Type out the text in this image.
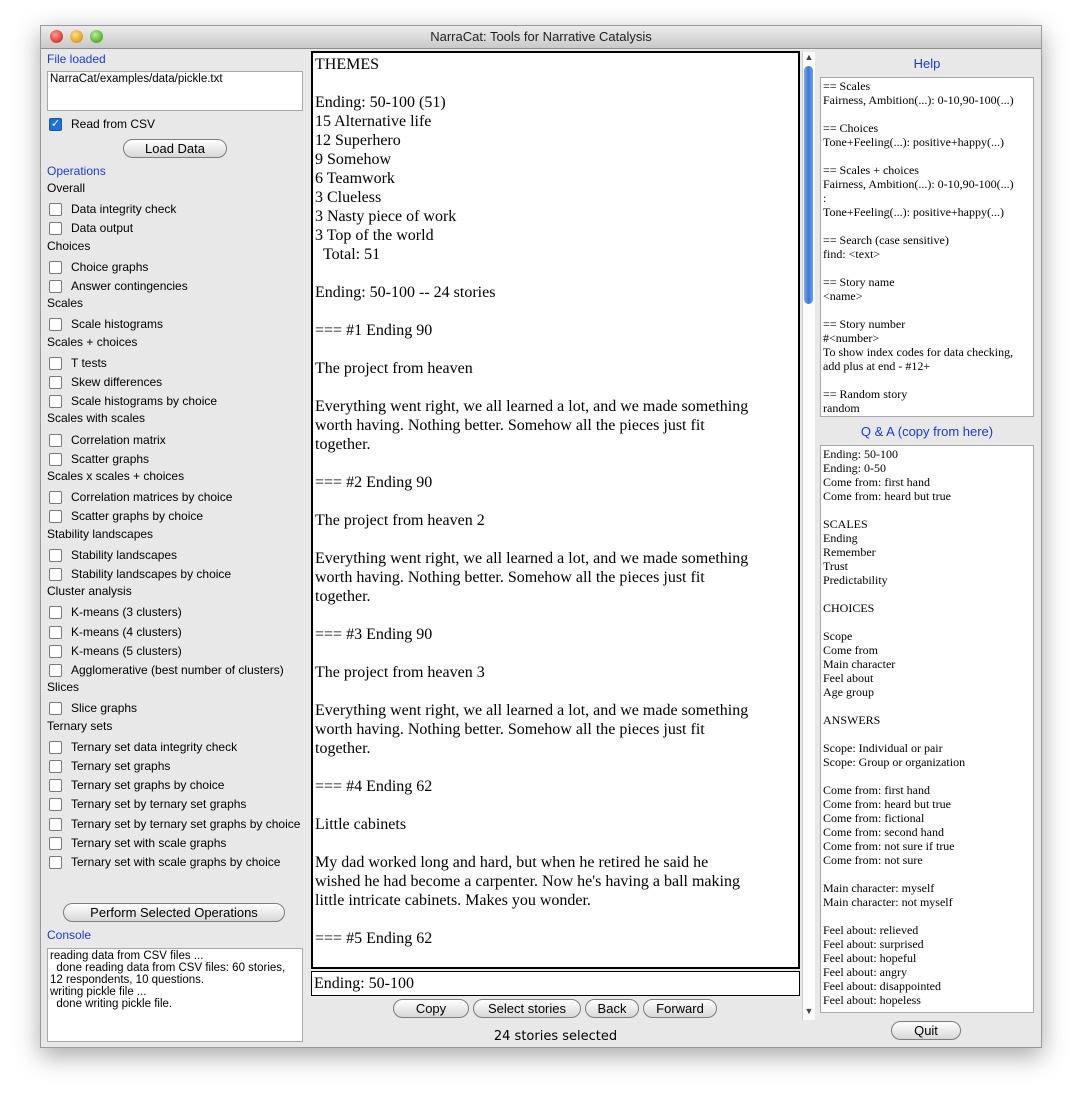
NarraCat: Tools for Narrative Catalysis
File loaded
NarraCat/examples/data/pickle.txt
✓ Read from CSV
Load Data
Operations
Overall
Data integrity check
Data output
Choices
Choice graphs
Answer contingencies
Scales
Scale histograms
Scales + choices
T tests
Skew differences
Scale histograms by choice
Scales with scales
Correlation matrix
Scatter graphs
Scales x scales + choices
Correlation matrices by choice
Scatter graphs by choice
Stability landscapes
Stability landscapes
Stability landscapes by choice
Cluster analysis
K-means (3 clusters)
K-means (4 clusters)
K-means (5 clusters)
Agglomerative (best number of clusters)
Slices
Slice graphs
Ternary sets
Ternary set data integrity check
Ternary set graphs
Ternary set graphs by choice
Ternary set by ternary set graphs
Ternary set by ternary set graphs by choice
Ternary set with scale graphs
Ternary set with scale graphs by choice
Perform Selected Operations
Console
reading data from CSV files ...
done reading data from CSV files: 60 stories,
12 respondents, 10 questions.
writing pickle file ...
done writing pickle file.

THEMES

Ending: 50-100 (51)

15 Alternative life

12 Superhero

9 Somehow

6 Teamwork

3 Clueless

3 Nasty piece of work

3 Top of the world

Total: 51

Ending: 50-100 -- 24 stories

=== #1 Ending 90

The project from heaven

Everything went right, we all learned a lot, and we made something

worth having. Nothing better. Somehow all the pieces just fit

together.

=== #2 Ending 90

The project from heaven 2

Everything went right, we all learned a lot, and we made something

worth having. Nothing better. Somehow all the pieces just fit

together.

=== #3 Ending 90

The project from heaven 3

Everything went right, we all learned a lot, and we made something

worth having. Nothing better. Somehow all the pieces just fit

together.

=== #4 Ending 62

Little cabinets

My dad worked long and hard, but when he retired he said he

wished he had become a carpenter. Now he's having a ball making

little intricate cabinets. Makes you wonder.

=== #5 Ending 62

Ending: 50-100
Copy	Select stories	Back	Forward
24 stories selected
▲
▼
Help
== Scales
Fairness, Ambition(...): 0-10,90-100(...)

== Choices
Tone+Feeling(...): positive+happy(...)

== Scales + choices
Fairness, Ambition(...): 0-10,90-100(...)
:
Tone+Feeling(...): positive+happy(...)

== Search (case sensitive)
find: <text>

== Story name
<name>

== Story number
#<number>
To show index codes for data checking,
add plus at end - #12+

== Random story
random
Q & A (copy from here)
Ending: 50-100
Ending: 0-50
Come from: first hand
Come from: heard but true

SCALES
Ending
Remember
Trust
Predictability

CHOICES

Scope
Come from
Main character
Feel about
Age group

ANSWERS

Scope: Individual or pair
Scope: Group or organization

Come from: first hand
Come from: heard but true
Come from: fictional
Come from: second hand
Come from: not sure if true
Come from: not sure

Main character: myself
Main character: not myself

Feel about: relieved
Feel about: surprised
Feel about: hopeful
Feel about: angry
Feel about: disappointed
Feel about: hopeless
Quit
